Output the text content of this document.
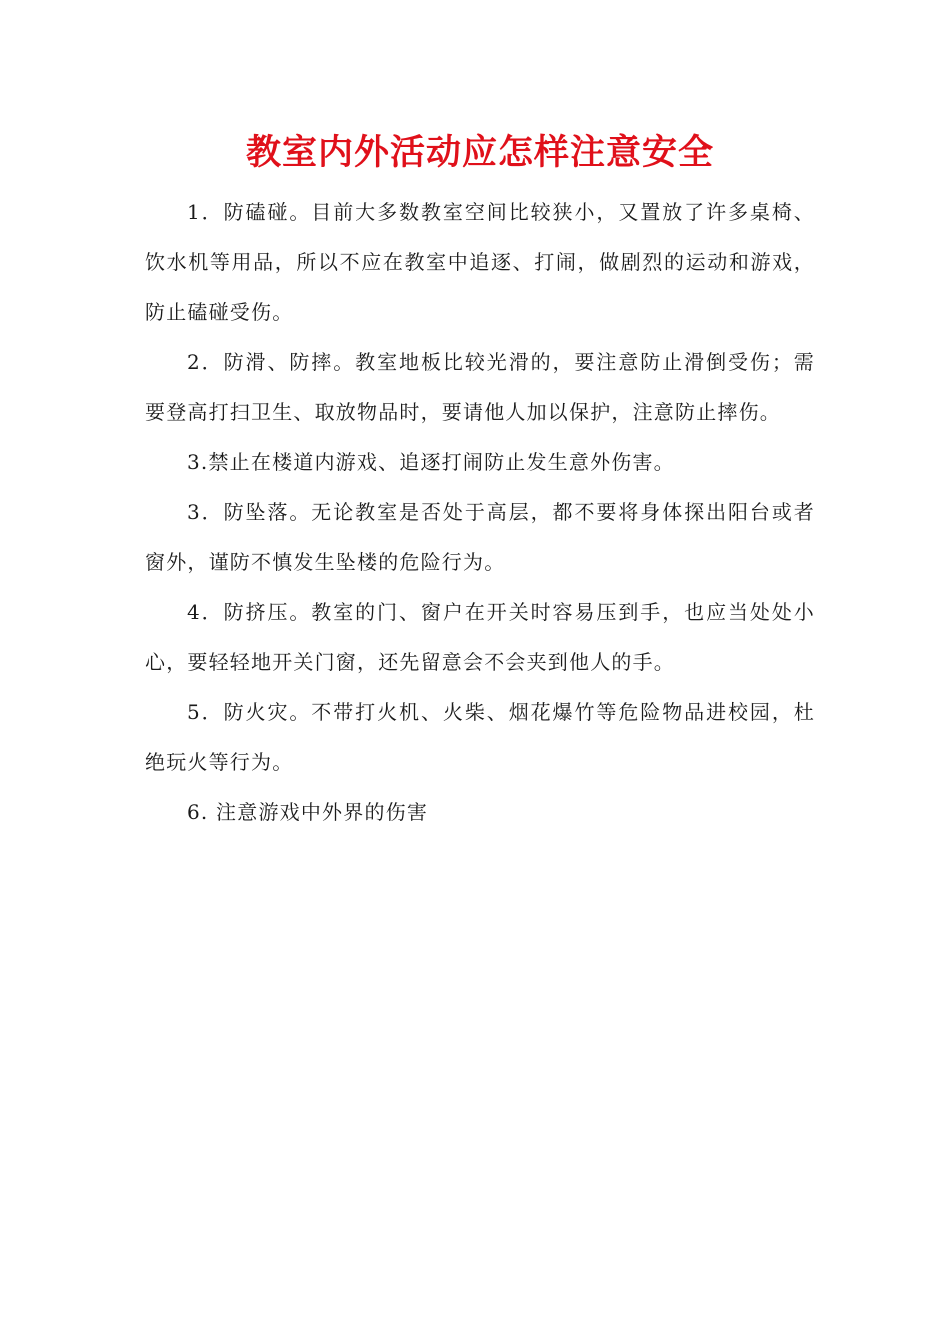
教室内外活动应怎样注意安全

1．防磕碰。目前大多数教室空间比较狭小，又置放了许多桌椅、饮水机等用品，所以不应在教室中追逐、打闹，做剧烈的运动和游戏，防止磕碰受伤。

2．防滑、防摔。教室地板比较光滑的，要注意防止滑倒受伤；需要登高打扫卫生、取放物品时，要请他人加以保护，注意防止摔伤。

3.禁止在楼道内游戏、追逐打闹防止发生意外伤害。

3．防坠落。无论教室是否处于高层，都不要将身体探出阳台或者窗外，谨防不慎发生坠楼的危险行为。

4．防挤压。教室的门、窗户在开关时容易压到手，也应当处处小心，要轻轻地开关门窗，还先留意会不会夹到他人的手。

5．防火灾。不带打火机、火柴、烟花爆竹等危险物品进校园，杜绝玩火等行为。

6. 注意游戏中外界的伤害
